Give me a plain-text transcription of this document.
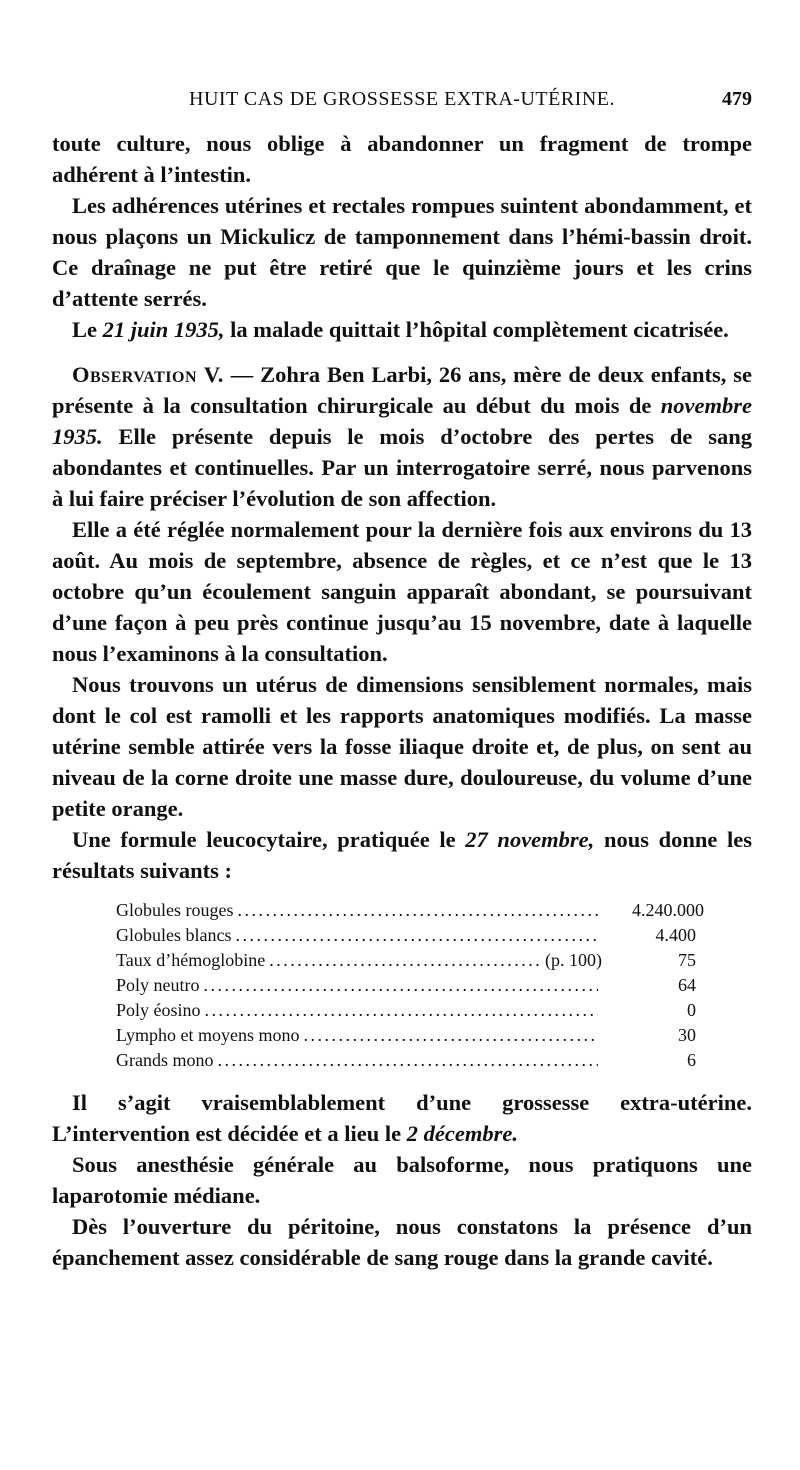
HUIT CAS DE GROSSESSE EXTRA-UTÉRINE.	479

toute culture, nous oblige à abandonner un fragment de trompe adhérent à l’intestin.

Les adhérences utérines et rectales rompues suintent abondamment, et nous plaçons un Mickulicz de tamponnement dans l’hémi-bassin droit. Ce draînage ne put être retiré que le quinzième jours et les crins d’attente serrés.

Le 21 juin 1935, la malade quittait l’hôpital complètement cicatrisée.

Observation V. — Zohra Ben Larbi, 26 ans, mère de deux enfants, se présente à la consultation chirurgicale au début du mois de novembre 1935. Elle présente depuis le mois d’octobre des pertes de sang abondantes et continuelles. Par un interrogatoire serré, nous parvenons à lui faire préciser l’évolution de son affection.

Elle a été réglée normalement pour la dernière fois aux environs du 13 août. Au mois de septembre, absence de règles, et ce n’est que le 13 octobre qu’un écoulement sanguin apparaît abondant, se poursuivant d’une façon à peu près continue jusqu’au 15 novembre, date à laquelle nous l’examinons à la consultation.

Nous trouvons un utérus de dimensions sensiblement normales, mais dont le col est ramolli et les rapports anatomiques modifiés. La masse utérine semble attirée vers la fosse iliaque droite et, de plus, on sent au niveau de la corne droite une masse dure, douloureuse, du volume d’une petite orange.

Une formule leucocytaire, pratiquée le 27 novembre, nous donne les résultats suivants :

Globules rouges . . .	4.240.000
Globules blancs . . .	4.400
Taux d’hémoglobine . . .	(p. 100)	75
Poly neutro . . .	64
Poly éosino . . .	0
Lympho et moyens mono . . .	30
Grands mono . . .	6

Il s’agit vraisemblablement d’une grossesse extra-utérine. L’intervention est décidée et a lieu le 2 décembre.

Sous anesthésie générale au balsoforme, nous pratiquons une laparotomie médiane.

Dès l’ouverture du péritoine, nous constatons la présence d’un épanchement assez considérable de sang rouge dans la grande cavité.
